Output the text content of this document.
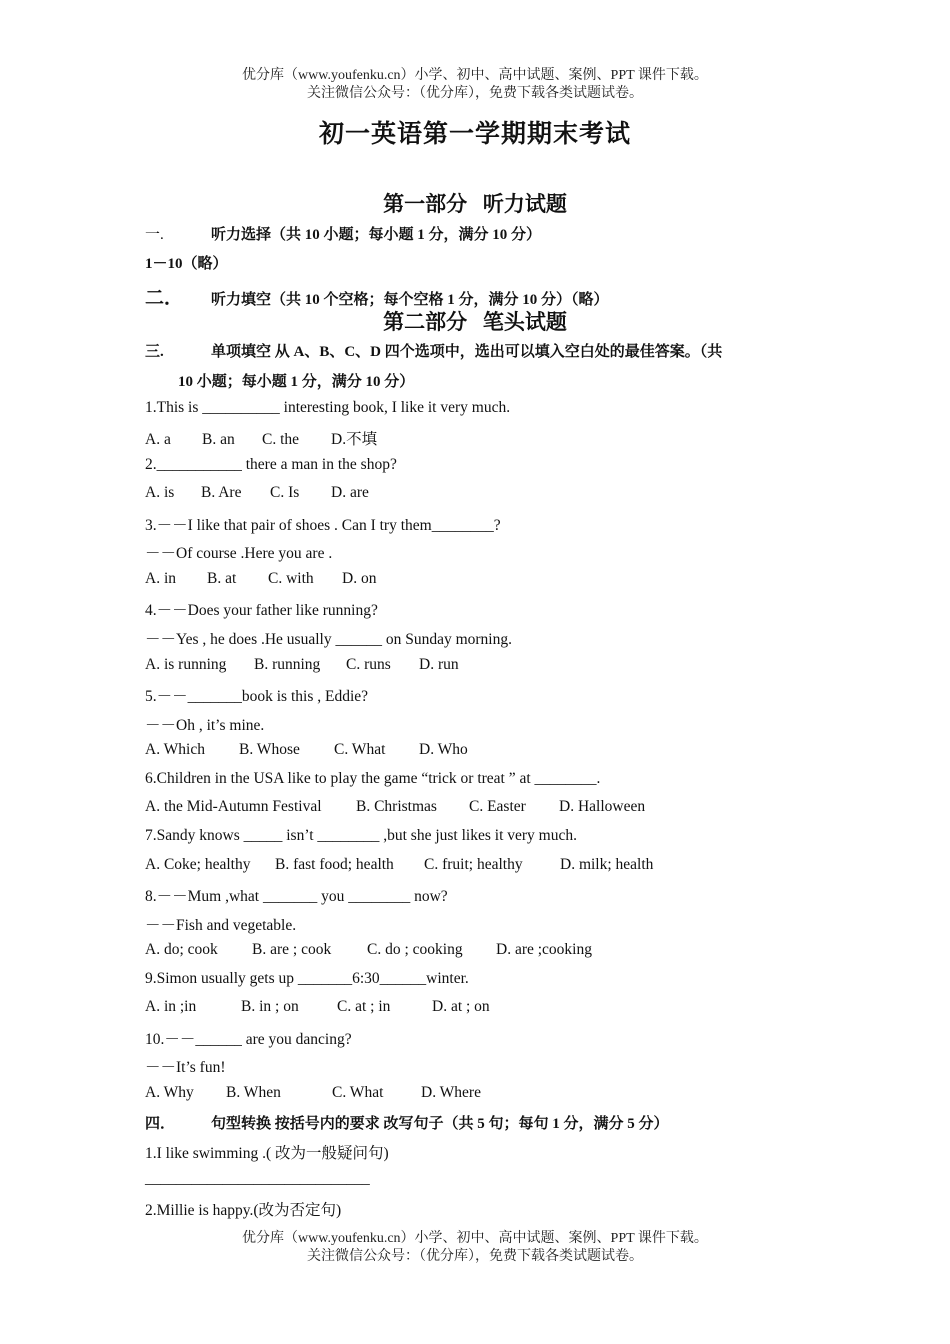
优分库（www.youfenku.cn）小学、初中、高中试题、案例、PPT 课件下载。
关注微信公众号：（优分库），免费下载各类试题试卷。
初一英语第一学期期末考试
第一部分 听力试题
一.	听力选择（共 10 小题；每小题 1 分，满分 10 分）
1－10（略）
二． 听力填空（共 10 个空格；每个空格 1 分，满分 10 分）（略）
第二部分 笔头试题
三.	单项填空 从 A、B、C、D 四个选项中，选出可以填入空白处的最佳答案。（共
10 小题；每小题 1 分，满分 10 分）
1.This is __________ interesting book, I like it very much.
A. a B. an C. the D.不填
2.___________ there a man in the shop?
A. is B. Are C. Is D. are
3.－－I like that pair of shoes . Can I try them________?
－－Of course .Here you are .
A. in B. at C. with D. on
4.－－Does your father like running?
－－Yes , he does .He usually ______ on Sunday morning.
A. is running B. running C. runs D. run
5.－－_______book is this , Eddie?
－－Oh , it’s mine.
A. Which B. Whose C. What D. Who
6.Children in the USA like to play the game “trick or treat ” at ________.
A. the Mid-Autumn Festival B. Christmas C. Easter D. Halloween
7.Sandy knows _____ isn’t ________ ,but she just likes it very much.
A. Coke; healthy B. fast food; health C. fruit; healthy D. milk; health
8.－－Mum ,what _______ you ________ now?
－－Fish and vegetable.
A. do; cook B. are ; cook C. do ; cooking D. are ;cooking
9.Simon usually gets up _______6:30______winter.
A. in ;in	B. in ; on C. at ; in	D. at ; on
10.－－______ are you dancing?
－－It’s fun!
A. Why B. When	C. What D. Where
四． 句型转换 按括号内的要求 改写句子（共 5 句；每句 1 分，满分 5 分）
1.I like swimming .( 改为一般疑问句)
_____________________________
2.Millie is happy.(改为否定句)
优分库（www.youfenku.cn）小学、初中、高中试题、案例、PPT 课件下载。
关注微信公众号：（优分库），免费下载各类试题试卷。
